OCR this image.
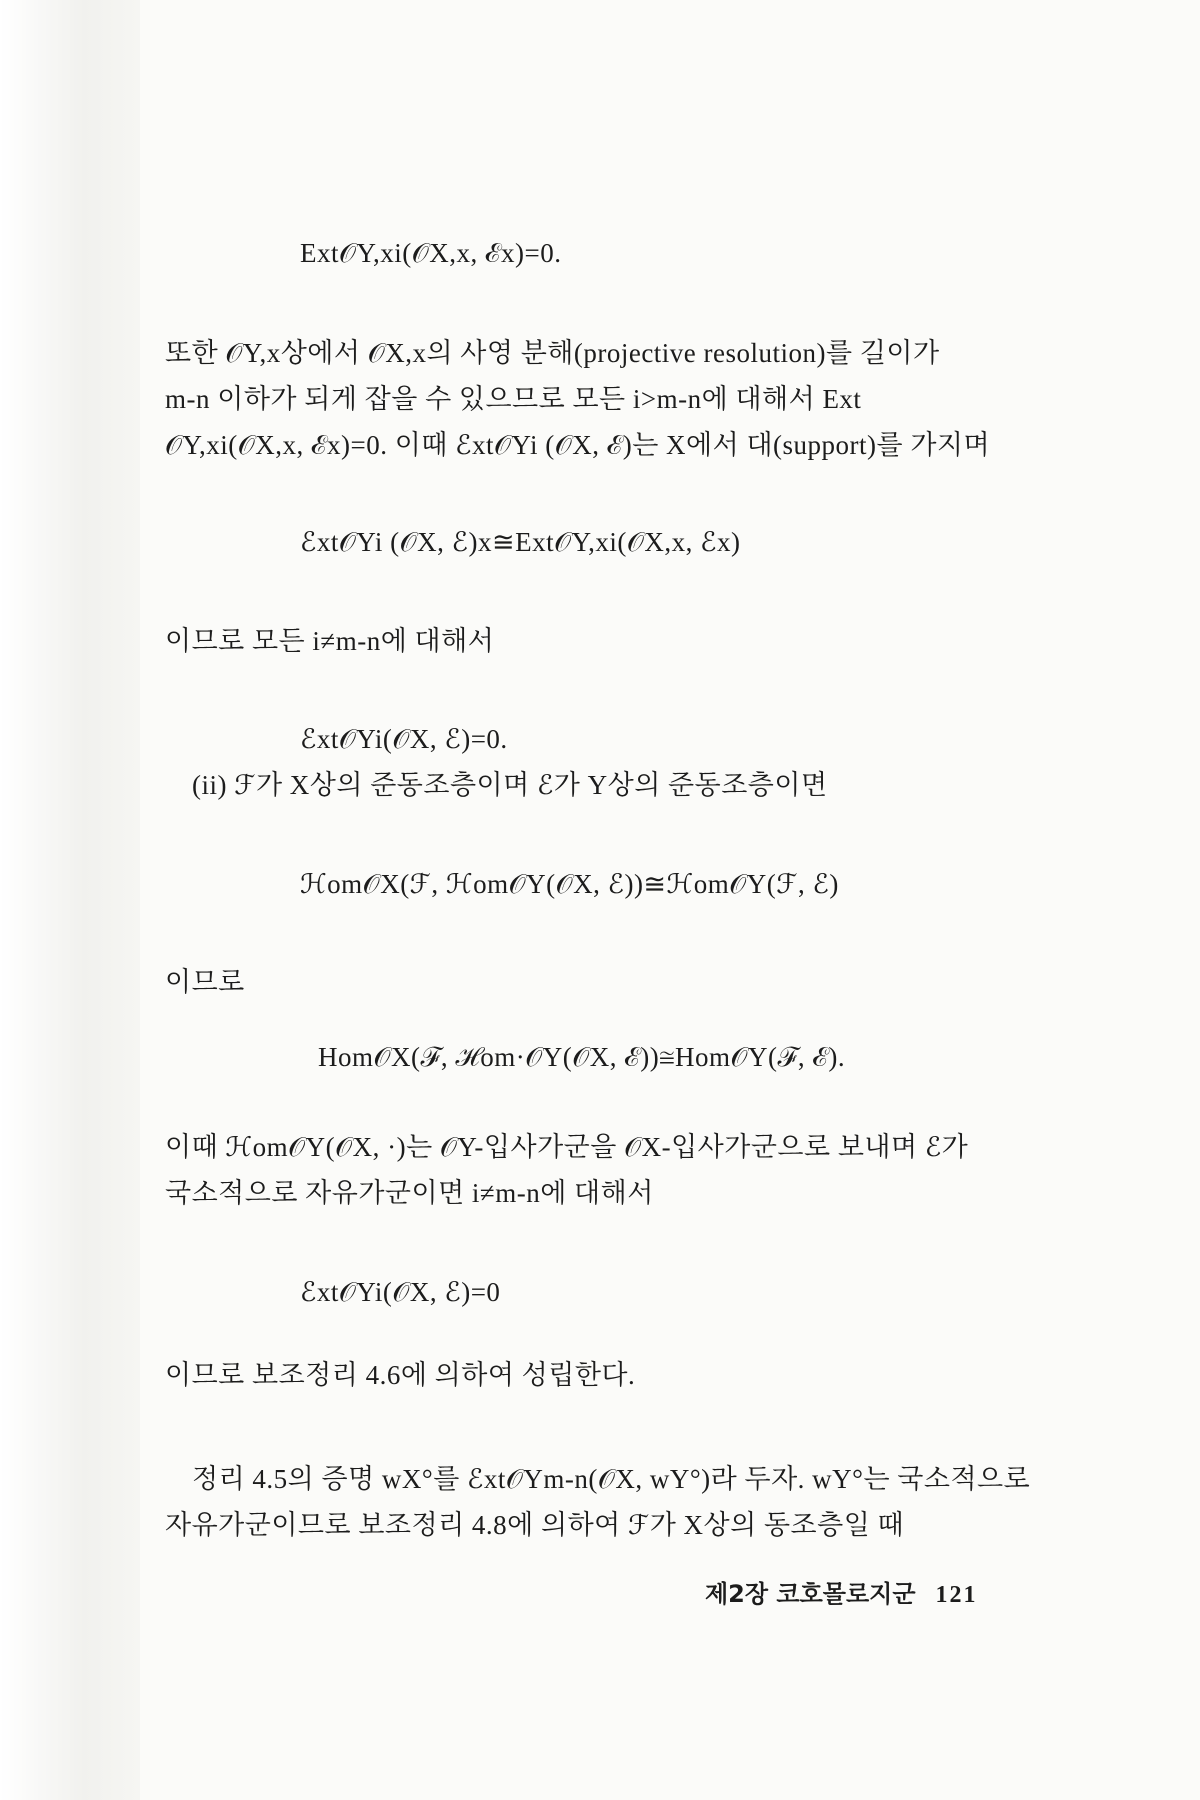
Ext𝒪Y,xi(𝒪X,x, ℰx)=0.
또한 𝒪Y,x상에서 𝒪X,x의 사영 분해(projective resolution)를 길이가
m-n 이하가 되게 잡을 수 있으므로 모든 i>m-n에 대해서 Ext
𝒪Y,xi(𝒪X,x, ℰx)=0. 이때 ℰxt𝒪Yi (𝒪X, ℰ)는 X에서 대(support)를 가지며
ℰxt𝒪Yi (𝒪X, ℰ)x≅Ext𝒪Y,xi(𝒪X,x, ℰx)
이므로 모든 i≠m-n에 대해서
ℰxt𝒪Yi(𝒪X, ℰ)=0.
(ii) ℱ가 X상의 준동조층이며 ℰ가 Y상의 준동조층이면
ℋom𝒪X(ℱ, ℋom𝒪Y(𝒪X, ℰ))≅ℋom𝒪Y(ℱ, ℰ)
이므로
Hom𝒪X(ℱ, ℋom·𝒪Y(𝒪X, ℰ))≅Hom𝒪Y(ℱ, ℰ).
이때 ℋom𝒪Y(𝒪X, ·)는 𝒪Y-입사가군을 𝒪X-입사가군으로 보내며 ℰ가
국소적으로 자유가군이면 i≠m-n에 대해서
ℰxt𝒪Yi(𝒪X, ℰ)=0
이므로 보조정리 4.6에 의하여 성립한다.
정리 4.5의 증명 wX°를 ℰxt𝒪Ym-n(𝒪X, wY°)라 두자. wY°는 국소적으로
자유가군이므로 보조정리 4.8에 의하여 ℱ가 X상의 동조층일 때
제2장 코호몰로지군 121
